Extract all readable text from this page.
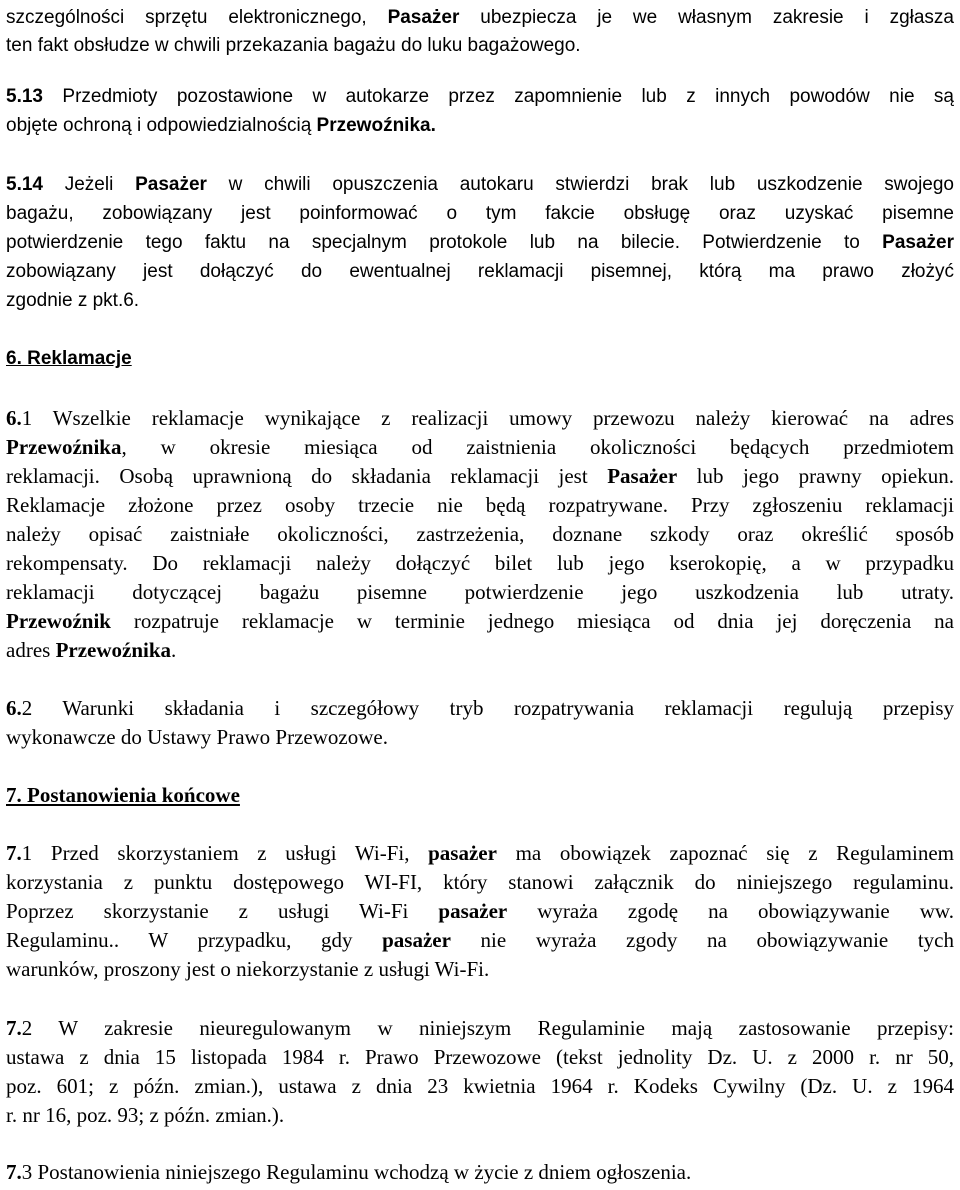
szczególności sprzętu elektronicznego, Pasażer ubezpiecza je we własnym zakresie i zgłasza
ten fakt obsłudze w chwili przekazania bagażu do luku bagażowego.
5.13 Przedmioty pozostawione w autokarze przez zapomnienie lub z innych powodów nie są
objęte ochroną i odpowiedzialnością Przewoźnika.
5.14 Jeżeli Pasażer w chwili opuszczenia autokaru stwierdzi brak lub uszkodzenie swojego
bagażu, zobowiązany jest poinformować o tym fakcie obsługę oraz uzyskać pisemne
potwierdzenie tego faktu na specjalnym protokole lub na bilecie. Potwierdzenie to Pasażer
zobowiązany jest dołączyć do ewentualnej reklamacji pisemnej, którą ma prawo złożyć
zgodnie z pkt.6.
6. Reklamacje
6.1 Wszelkie reklamacje wynikające z realizacji umowy przewozu należy kierować na adres
Przewoźnika, w okresie miesiąca od zaistnienia okoliczności będących przedmiotem
reklamacji. Osobą uprawnioną do składania reklamacji jest Pasażer lub jego prawny opiekun.
Reklamacje złożone przez osoby trzecie nie będą rozpatrywane. Przy zgłoszeniu reklamacji
należy opisać zaistniałe okoliczności, zastrzeżenia, doznane szkody oraz określić sposób
rekompensaty. Do reklamacji należy dołączyć bilet lub jego kserokopię, a w przypadku
reklamacji dotyczącej bagażu pisemne potwierdzenie jego uszkodzenia lub utraty.
Przewoźnik rozpatruje reklamacje w terminie jednego miesiąca od dnia jej doręczenia na
adres Przewoźnika.
6.2 Warunki składania i szczegółowy tryb rozpatrywania reklamacji regulują przepisy
wykonawcze do Ustawy Prawo Przewozowe.
7. Postanowienia końcowe
7.1 Przed skorzystaniem z usługi Wi-Fi, pasażer ma obowiązek zapoznać się z Regulaminem
korzystania z punktu dostępowego WI-FI, który stanowi załącznik do niniejszego regulaminu.
Poprzez skorzystanie z usługi Wi-Fi pasażer wyraża zgodę na obowiązywanie ww.
Regulaminu.. W przypadku, gdy pasażer nie wyraża zgody na obowiązywanie tych
warunków, proszony jest o niekorzystanie z usługi Wi-Fi.
7.2 W zakresie nieuregulowanym w niniejszym Regulaminie mają zastosowanie przepisy:
ustawa z dnia 15 listopada 1984 r. Prawo Przewozowe (tekst jednolity Dz. U. z 2000 r. nr 50,
poz. 601; z późn. zmian.), ustawa z dnia 23 kwietnia 1964 r. Kodeks Cywilny (Dz. U. z 1964
r. nr 16, poz. 93; z późn. zmian.).
7.3 Postanowienia niniejszego Regulaminu wchodzą w życie z dniem ogłoszenia.
